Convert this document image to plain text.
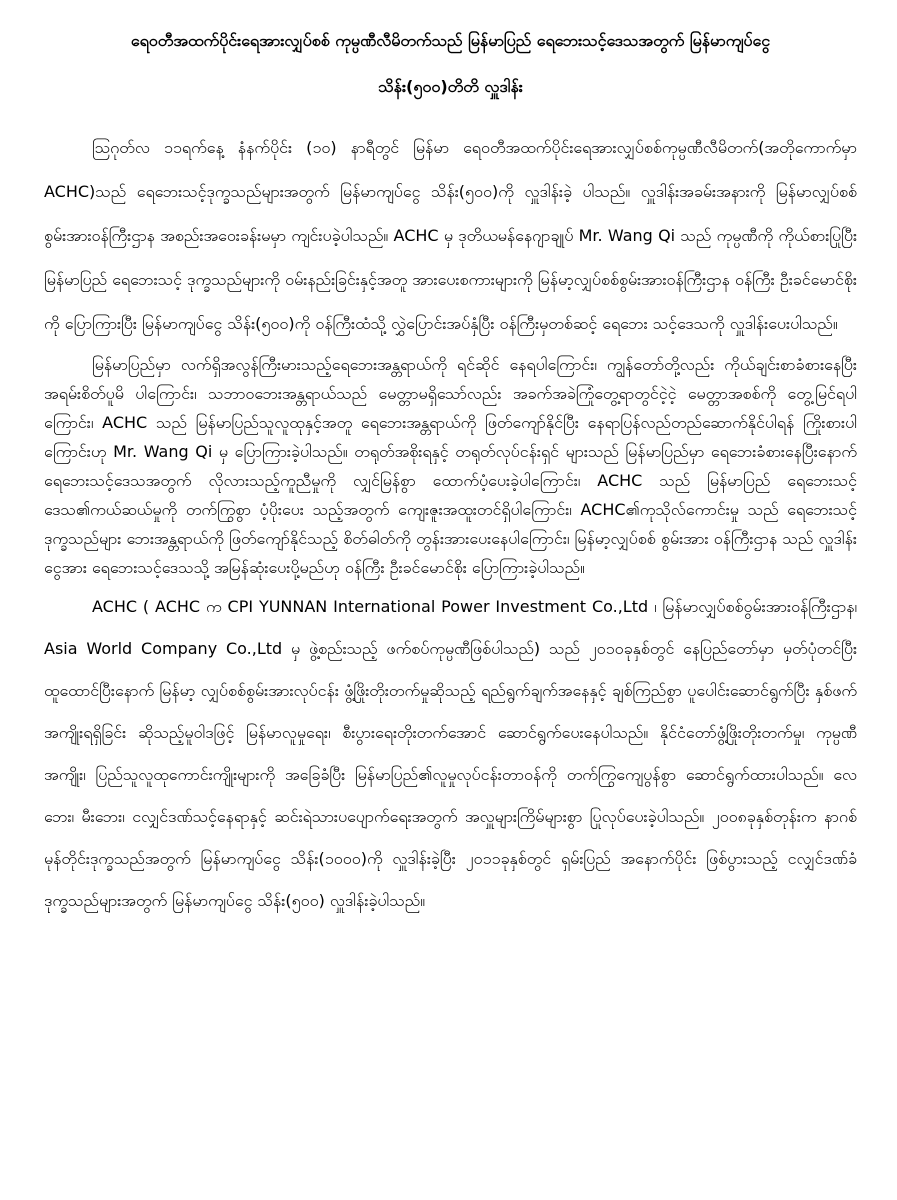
ရေဝတီအထက်ပိုင်းရေအားလျှပ်စစ် ကုမ္ပဏီလီမိတက်သည် မြန်မာပြည် ရေဘေးသင့်ဒေသအတွက် မြန်မာကျပ်ငွေ

သိန်း(၅၀၀)တိတိ လှူဒါန်း

ဩဂုတ်လ ၁၁ရက်နေ့ နံနက်ပိုင်း (၁၀) နာရီတွင် မြန်မာ ရေဝတီအထက်ပိုင်းရေအားလျှပ်စစ်ကုမ္ပဏီလီမိတက်(အတိုကောက်မှာ ACHC)သည် ရေဘေးသင့်ဒုက္ခသည်များအတွက် မြန်မာကျပ်ငွေ သိန်း(၅၀၀)ကို လှူဒါန်းခဲ့ ပါသည်။ လှူဒါန်းအခမ်းအနားကို မြန်မာလျှပ်စစ်စွမ်းအားဝန်ကြီးဌာန အစည်းအဝေးခန်းမမှာ ကျင်းပခဲ့ပါသည်။ ACHC မှ ဒုတိယမန်နေဂျာချုပ် Mr. Wang Qi သည် ကုမ္ပဏီကို ကိုယ်စားပြုပြီး မြန်မာပြည် ရေဘေးသင့် ဒုက္ခသည်များကို ဝမ်းနည်းခြင်းနှင့်အတူ အားပေးစကားများကို မြန်မာ့လျှပ်စစ်စွမ်းအားဝန်ကြီးဌာန ဝန်ကြီး ဦးခင်မောင်စိုးကို ပြောကြားပြီး မြန်မာကျပ်ငွေ သိန်း(၅၀၀)ကို ဝန်ကြီးထံသို့ လွှဲပြောင်းအပ်နှံပြီး ဝန်ကြီးမှတစ်ဆင့် ရေဘေး သင့်ဒေသကို လှူဒါန်းပေးပါသည်။

မြန်မာပြည်မှာ လက်ရှိအလွန်ကြီးမားသည့်ရေဘေးအန္တရာယ်ကို ရင်ဆိုင် နေရပါကြောင်း၊ ကျွန်တော်တို့လည်း ကိုယ်ချင်းစာခံစားနေပြီး အရမ်းစိတ်ပူမိ ပါကြောင်း၊ သဘာဝဘေးအန္တရာယ်သည် မေတ္တာမရှိသော်လည်း အခက်အခဲကြုံတွေ့ရာတွင်ငဲ့ငဲ့ မေတ္တာအစစ်ကို တွေ့မြင်ရပါကြောင်း၊ ACHC သည် မြန်မာပြည်သူလူထုနှင့်အတူ ရေဘေးအန္တရာယ်ကို ဖြတ်ကျော်နိုင်ပြီး နေရာပြန်လည်တည်ဆောက်နိုင်ပါရန် ကြိုးစားပါကြောင်းဟု Mr. Wang Qi မှ ပြောကြားခဲ့ပါသည်။ တရုတ်အစိုးရနှင့် တရုတ်လုပ်ငန်းရှင် များသည် မြန်မာပြည်မှာ ရေဘေးခံစားနေပြီးနောက် ရေဘေးသင့်ဒေသအတွက် လိုလားသည့်ကူညီမှုကို လျှင်မြန်စွာ ထောက်ပံ့ပေးခဲ့ပါကြောင်း၊ ACHC သည် မြန်မာပြည် ရေဘေးသင့်ဒေသ၏ကယ်ဆယ်မှုကို တက်ကြွစွာ ပံ့ပိုးပေး သည့်အတွက် ကျေးဇူးအထူးတင်ရှိပါကြောင်း၊ ACHC၏ကုသိုလ်ကောင်းမှု သည် ရေဘေးသင့်ဒုက္ခသည်များ ဘေးအန္တရာယ်ကို ဖြတ်ကျော်နိုင်သည့် စိတ်ဓါတ်ကို တွန်းအားပေးနေပါကြောင်း၊ မြန်မာ့လျှပ်စစ် စွမ်းအား ဝန်ကြီးဌာန သည် လှူဒါန်းငွေအား ရေဘေးသင့်ဒေသသို့ အမြန်ဆုံးပေးပို့မည်ဟု ဝန်ကြီး ဦးခင်မောင်စိုး ပြောကြားခဲ့ပါသည်။

ACHC ( ACHC က CPI YUNNAN International Power Investment Co.,Ltd ၊ မြန်မာလျှပ်စစ်ဝွမ်းအားဝန်ကြီးဌာန၊ Asia World Company Co.,Ltd မှ ဖွဲ့စည်းသည့် ဖက်စပ်ကုမ္ပဏီဖြစ်ပါသည်) သည် ၂၀၁၀ခုနှစ်တွင် နေပြည်တော်မှာ မှတ်ပုံတင်ပြီး ထူထောင်ပြီးနောက် မြန်မာ့ လျှပ်စစ်စွမ်းအားလုပ်ငန်း ဖွံ့ဖြိုးတိုးတက်မှုဆိုသည့် ရည်ရွက်ချက်အနေနှင့် ချစ်ကြည်စွာ ပူပေါင်းဆောင်ရွက်ပြီး နှစ်ဖက်အကျိုးရရှိခြင်း ဆိုသည့်မူဝါဒဖြင့် မြန်မာလူမှုရေး၊ စီးပွားရေးတိုးတက်အောင် ဆောင်ရွက်ပေးနေပါသည်။ နိုင်ငံတော်ဖွံ့ဖြိုးတိုးတက်မှု၊ ကုမ္ပဏီအကျိုး၊ ပြည်သူလူထုကောင်းကျိုးများကို အခြေခံပြီး မြန်မာပြည်၏လူမှုလုပ်ငန်းတာဝန်ကို တက်ကြွကျေပွန်စွာ ဆောင်ရွက်ထားပါသည်။ လေဘေး၊ မီးဘေး၊ ငလျှင်ဒဏ်သင့်နေရာနှင့် ဆင်းရဲသားပပျောက်ရေးအတွက် အလှူများကြိမ်များစွာ ပြုလုပ်ပေးခဲ့ပါသည်။ ၂၀၀၈ခုနှစ်တုန်းက နာဂစ်မုန်တိုင်းဒုက္ခသည်အတွက် မြန်မာကျပ်ငွေ သိန်း(၁၀၀၀)ကို လှူဒါန်းခဲ့ပြီး ၂၀၁၁ခုနှစ်တွင် ရှမ်းပြည် အနောက်ပိုင်း ဖြစ်ပွားသည့် ငလျှင်ဒဏ်ခံဒုက္ခသည်များအတွက် မြန်မာကျပ်ငွေ သိန်း(၅၀၀) လှူဒါန်းခဲ့ပါသည်။
